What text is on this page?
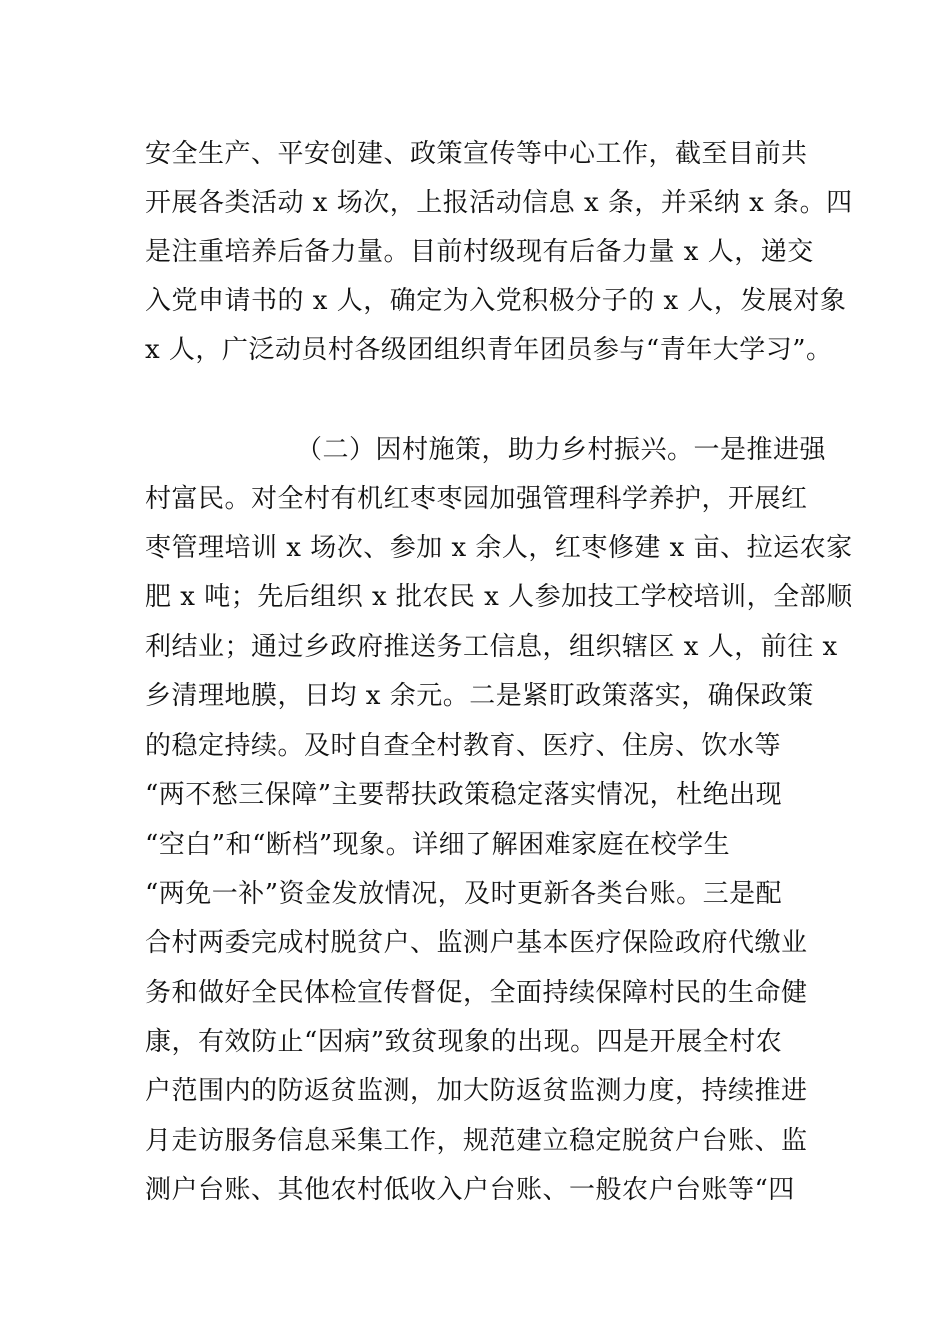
安全生产、平安创建、政策宣传等中心工作，截至目前共
开展各类活动 x 场次，上报活动信息 x 条，并采纳 x 条。四
是注重培养后备力量。目前村级现有后备力量 x 人，递交
入党申请书的 x 人，确定为入党积极分子的 x 人，发展对象
x 人，广泛动员村各级团组织青年团员参与“青年大学习”。
（二）因村施策，助力乡村振兴。一是推进强
村富民。对全村有机红枣枣园加强管理科学养护，开展红
枣管理培训 x 场次、参加 x 余人，红枣修建 x 亩、拉运农家
肥 x 吨；先后组织 x 批农民 x 人参加技工学校培训，全部顺
利结业；通过乡政府推送务工信息，组织辖区 x 人，前往 x
乡清理地膜，日均 x 余元。二是紧盯政策落实，确保政策
的稳定持续。及时自查全村教育、医疗、住房、饮水等
“两不愁三保障”主要帮扶政策稳定落实情况，杜绝出现
“空白”和“断档”现象。详细了解困难家庭在校学生
“两免一补”资金发放情况，及时更新各类台账。三是配
合村两委完成村脱贫户、监测户基本医疗保险政府代缴业
务和做好全民体检宣传督促，全面持续保障村民的生命健
康，有效防止“因病”致贫现象的出现。四是开展全村农
户范围内的防返贫监测，加大防返贫监测力度，持续推进
月走访服务信息采集工作，规范建立稳定脱贫户台账、监
测户台账、其他农村低收入户台账、一般农户台账等“四
